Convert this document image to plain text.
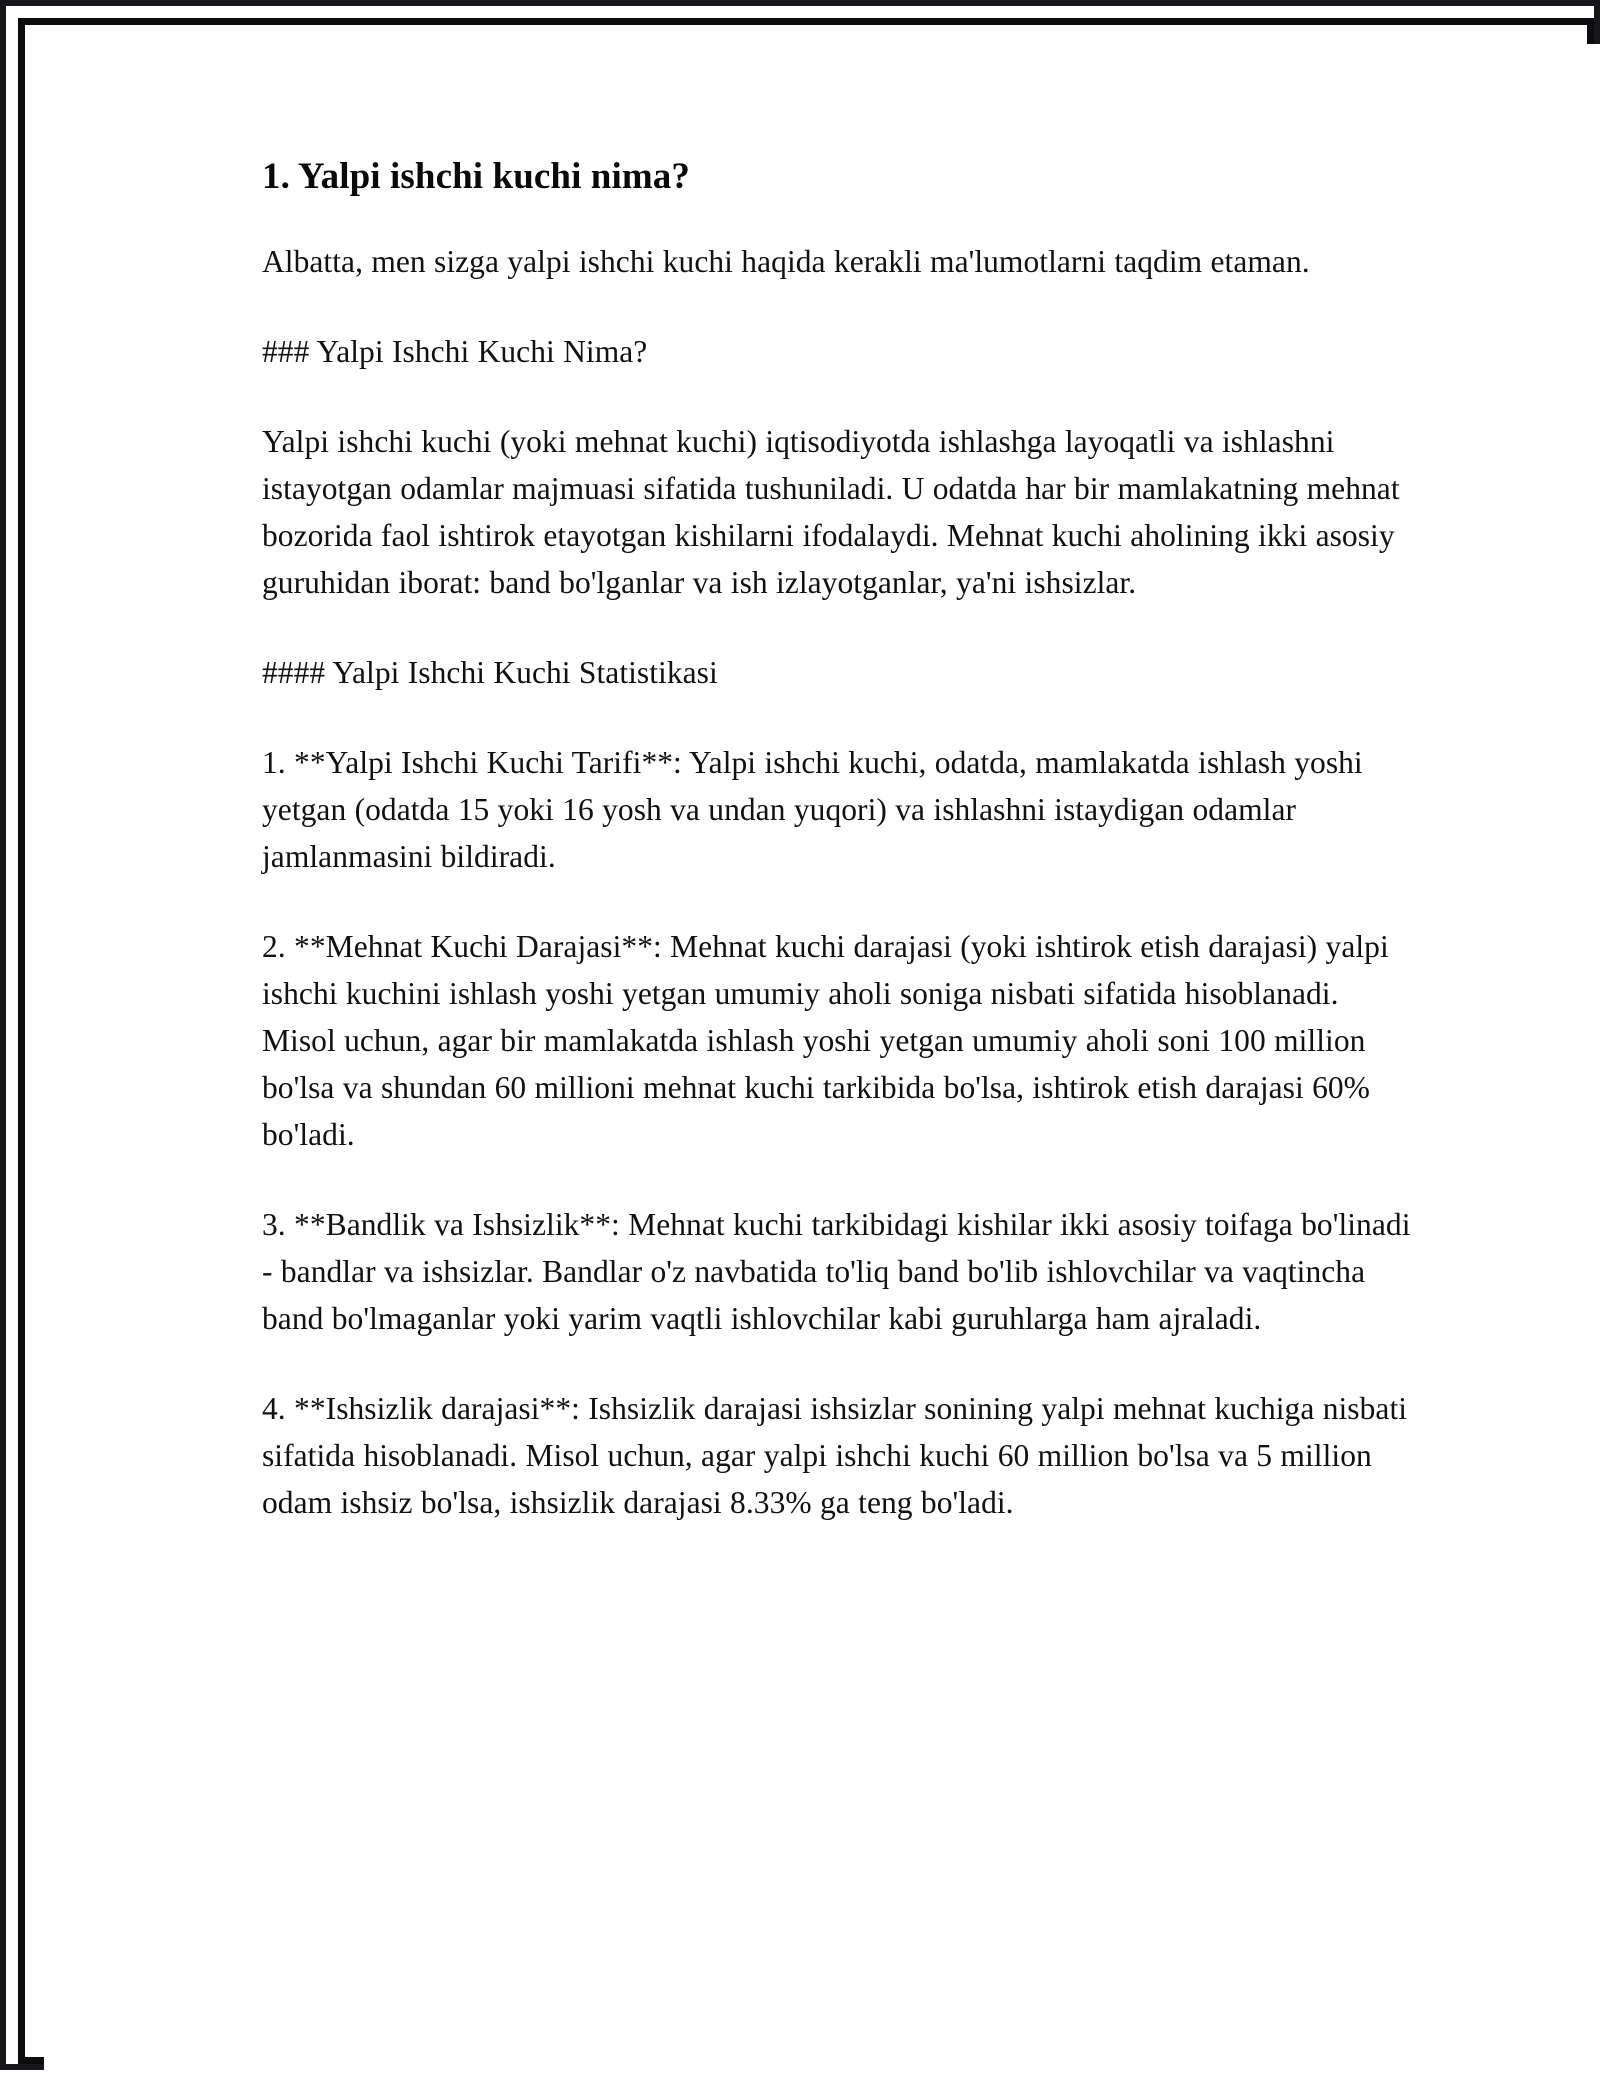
1. Yalpi ishchi kuchi nima?

Albatta, men sizga yalpi ishchi kuchi haqida kerakli ma'lumotlarni taqdim etaman.

### Yalpi Ishchi Kuchi Nima?

Yalpi ishchi kuchi (yoki mehnat kuchi) iqtisodiyotda ishlashga layoqatli va ishlashni istayotgan odamlar majmuasi sifatida tushuniladi. U odatda har bir mamlakatning mehnat bozorida faol ishtirok etayotgan kishilarni ifodalaydi. Mehnat kuchi aholining ikki asosiy guruhidan iborat: band bo'lganlar va ish izlayotganlar, ya'ni ishsizlar.

#### Yalpi Ishchi Kuchi Statistikasi

1. **Yalpi Ishchi Kuchi Tarifi**: Yalpi ishchi kuchi, odatda, mamlakatda ishlash yoshi yetgan (odatda 15 yoki 16 yosh va undan yuqori) va ishlashni istaydigan odamlar jamlanmasini bildiradi.

2. **Mehnat Kuchi Darajasi**: Mehnat kuchi darajasi (yoki ishtirok etish darajasi) yalpi ishchi kuchini ishlash yoshi yetgan umumiy aholi soniga nisbati sifatida hisoblanadi. Misol uchun, agar bir mamlakatda ishlash yoshi yetgan umumiy aholi soni 100 million bo'lsa va shundan 60 millioni mehnat kuchi tarkibida bo'lsa, ishtirok etish darajasi 60% bo'ladi.

3. **Bandlik va Ishsizlik**: Mehnat kuchi tarkibidagi kishilar ikki asosiy toifaga bo'linadi - bandlar va ishsizlar. Bandlar o'z navbatida to'liq band bo'lib ishlovchilar va vaqtincha band bo'lmaganlar yoki yarim vaqtli ishlovchilar kabi guruhlarga ham ajraladi.

4. **Ishsizlik darajasi**: Ishsizlik darajasi ishsizlar sonining yalpi mehnat kuchiga nisbati sifatida hisoblanadi. Misol uchun, agar yalpi ishchi kuchi 60 million bo'lsa va 5 million odam ishsiz bo'lsa, ishsizlik darajasi 8.33% ga teng bo'ladi.
